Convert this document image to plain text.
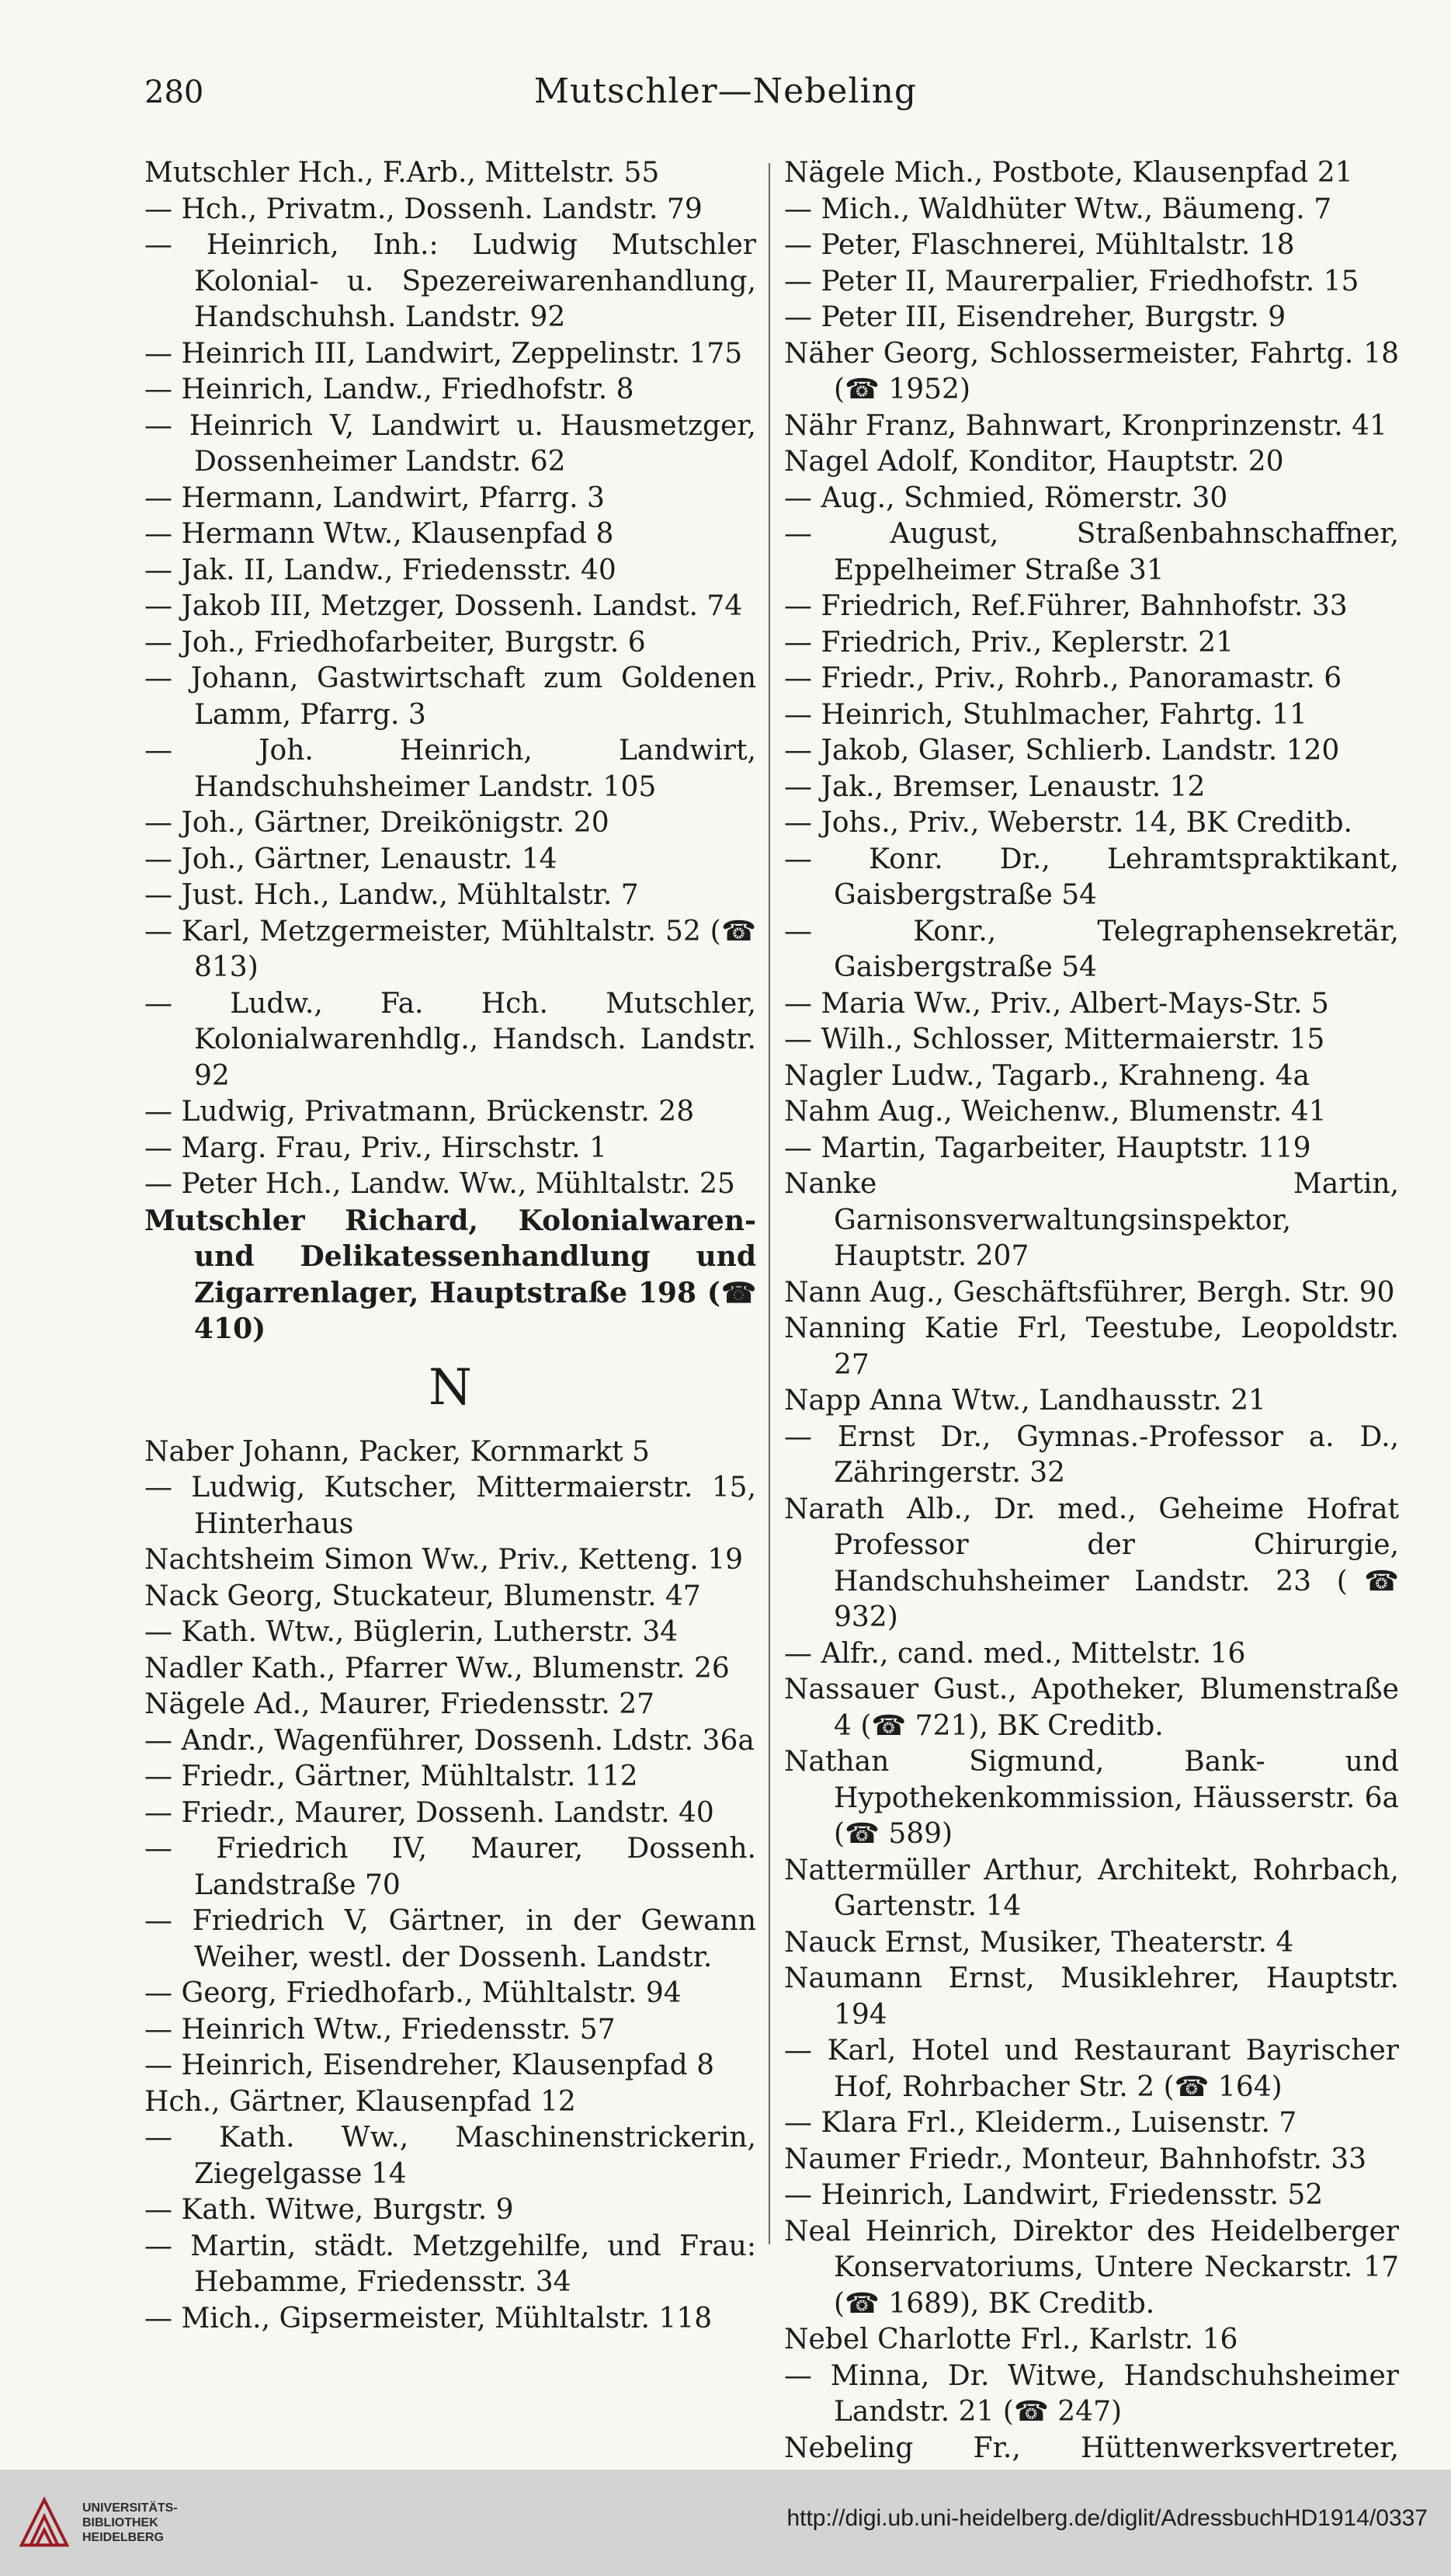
280	Mutschler—Nebeling
Mutschler Hch., F.Arb., Mittelstr. 55
— Hch., Privatm., Dossenh. Landstr. 79
— Heinrich, Inh.: Ludwig Mutschler Kolonial- u. Spezereiwarenhandlung, Handschuhsh. Landstr. 92
— Heinrich III, Landwirt, Zeppelinstr. 175
— Heinrich, Landw., Friedhofstr. 8
— Heinrich V, Landwirt u. Hausmetzger, Dossenheimer Landstr. 62
— Hermann, Landwirt, Pfarrg. 3
— Hermann Wtw., Klausenpfad 8
— Jak. II, Landw., Friedensstr. 40
— Jakob III, Metzger, Dossenh. Landst. 74
— Joh., Friedhofarbeiter, Burgstr. 6
— Johann, Gastwirtschaft zum Goldenen Lamm, Pfarrg. 3
— Joh. Heinrich, Landwirt, Handschuhsheimer Landstr. 105
— Joh., Gärtner, Dreikönigstr. 20
— Joh., Gärtner, Lenaustr. 14
— Just. Hch., Landw., Mühltalstr. 7
— Karl, Metzgermeister, Mühltalstr. 52 (☎ 813)
— Ludw., Fa. Hch. Mutschler, Kolonialwarenhdlg., Handsch. Landstr. 92
— Ludwig, Privatmann, Brückenstr. 28
— Marg. Frau, Priv., Hirschstr. 1
— Peter Hch., Landw. Ww., Mühltalstr. 25
Mutschler Richard, Kolonialwaren- und Delikatessenhandlung und Zigarrenlager, Hauptstraße 198 (☎ 410)
N
Naber Johann, Packer, Kornmarkt 5
— Ludwig, Kutscher, Mittermaierstr. 15, Hinterhaus
Nachtsheim Simon Ww., Priv., Ketteng. 19
Nack Georg, Stuckateur, Blumenstr. 47
— Kath. Wtw., Büglerin, Lutherstr. 34
Nadler Kath., Pfarrer Ww., Blumenstr. 26
Nägele Ad., Maurer, Friedensstr. 27
— Andr., Wagenführer, Dossenh. Ldstr. 36a
— Friedr., Gärtner, Mühltalstr. 112
— Friedr., Maurer, Dossenh. Landstr. 40
— Friedrich IV, Maurer, Dossenh. Landstraße 70
— Friedrich V, Gärtner, in der Gewann Weiher, westl. der Dossenh. Landstr.
— Georg, Friedhofarb., Mühltalstr. 94
— Heinrich Wtw., Friedensstr. 57
— Heinrich, Eisendreher, Klausenpfad 8
Hch., Gärtner, Klausenpfad 12
— Kath. Ww., Maschinenstrickerin, Ziegelgasse 14
— Kath. Witwe, Burgstr. 9
— Martin, städt. Metzgehilfe, und Frau: Hebamme, Friedensstr. 34
— Mich., Gipsermeister, Mühltalstr. 118
Nägele Mich., Postbote, Klausenpfad 21
— Mich., Waldhüter Wtw., Bäumeng. 7
— Peter, Flaschnerei, Mühltalstr. 18
— Peter II, Maurerpalier, Friedhofstr. 15
— Peter III, Eisendreher, Burgstr. 9
Näher Georg, Schlossermeister, Fahrtg. 18 (☎ 1952)
Nähr Franz, Bahnwart, Kronprinzenstr. 41
Nagel Adolf, Konditor, Hauptstr. 20
— Aug., Schmied, Römerstr. 30
— August, Straßenbahnschaffner, Eppelheimer Straße 31
— Friedrich, Ref.Führer, Bahnhofstr. 33
— Friedrich, Priv., Keplerstr. 21
— Friedr., Priv., Rohrb., Panoramastr. 6
— Heinrich, Stuhlmacher, Fahrtg. 11
— Jakob, Glaser, Schlierb. Landstr. 120
— Jak., Bremser, Lenaustr. 12
— Johs., Priv., Weberstr. 14, BK Creditb.
— Konr. Dr., Lehramtspraktikant, Gaisbergstraße 54
— Konr., Telegraphensekretär, Gaisbergstraße 54
— Maria Ww., Priv., Albert-Mays-Str. 5
— Wilh., Schlosser, Mittermaierstr. 15
Nagler Ludw., Tagarb., Krahneng. 4a
Nahm Aug., Weichenw., Blumenstr. 41
— Martin, Tagarbeiter, Hauptstr. 119
Nanke Martin, Garnisonsverwaltungsinspektor, Hauptstr. 207
Nann Aug., Geschäftsführer, Bergh. Str. 90
Nanning Katie Frl, Teestube, Leopoldstr. 27
Napp Anna Wtw., Landhausstr. 21
— Ernst Dr., Gymnas.-Professor a. D., Zähringerstr. 32
Narath Alb., Dr. med., Geheime Hofrat Professor der Chirurgie, Handschuhsheimer Landstr. 23 (☎ 932)
— Alfr., cand. med., Mittelstr. 16
Nassauer Gust., Apotheker, Blumenstraße 4 (☎ 721), BK Creditb.
Nathan Sigmund, Bank- und Hypothekenkommission, Häusserstr. 6a (☎ 589)
Nattermüller Arthur, Architekt, Rohrbach, Gartenstr. 14
Nauck Ernst, Musiker, Theaterstr. 4
Naumann Ernst, Musiklehrer, Hauptstr. 194
— Karl, Hotel und Restaurant Bayrischer Hof, Rohrbacher Str. 2 (☎ 164)
— Klara Frl., Kleiderm., Luisenstr. 7
Naumer Friedr., Monteur, Bahnhofstr. 33
— Heinrich, Landwirt, Friedensstr. 52
Neal Heinrich, Direktor des Heidelberger Konservatoriums, Untere Neckarstr. 17 (☎ 1689), BK Creditb.
Nebel Charlotte Frl., Karlstr. 16
— Minna, Dr. Witwe, Handschuhsheimer Landstr. 21 (☎ 247)
Nebeling Fr., Hüttenwerksvertreter,
UNIVERSITÄTS-
BIBLIOTHEK
HEIDELBERG
http://digi.ub.uni-heidelberg.de/diglit/AdressbuchHD1914/0337
